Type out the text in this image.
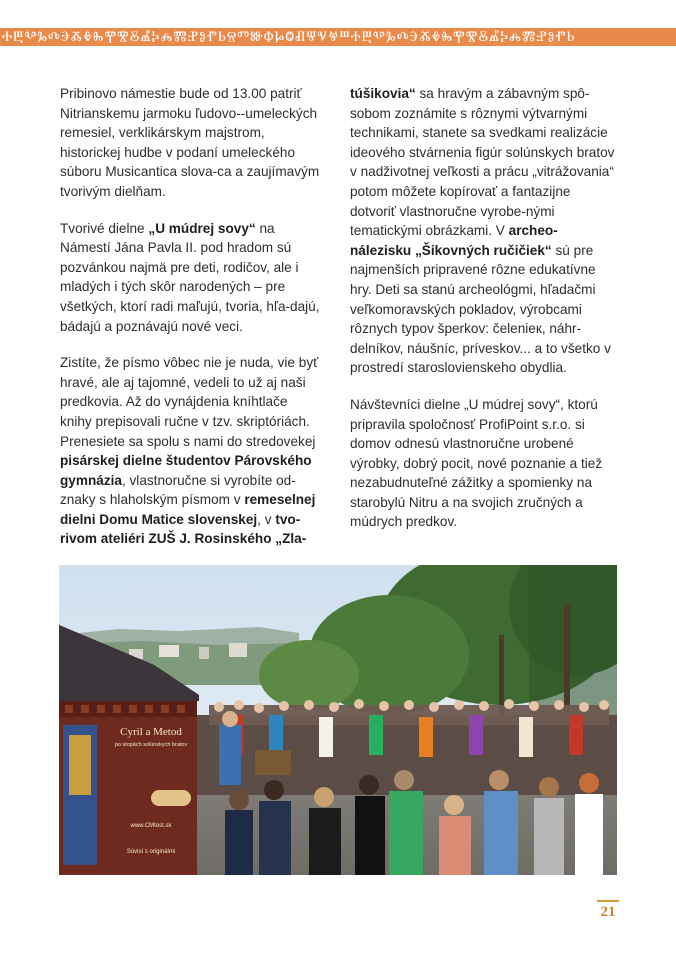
ⰀⰁⰂⰃⰄⰅⰆⰇⰈⰉⰊⰋⰌⰍⰎⰏⰐⰑⰒⰓⰔⰕⰖⰗⰘⰙⰚⰛⰜⰝⰞⰀⰁⰂⰃⰄⰅⰆⰇⰈⰉⰊⰋⰌⰍⰎⰏⰐⰑⰒⰓ

Pribinovo námestie bude od 13.00 patriť Nitrianskemu jarmoku ľudovo--umeleckých remesiel, verklikárskym majstrom, historickej hudbe v podaní umeleckého súboru Musicantica slova-ca a zaujímavým tvorivým dielňam.

Tvorivé dielne „U múdrej sovy“ na Námestí Jána Pavla II. pod hradom sú pozvánkou najmä pre deti, rodičov, ale i mladých i tých skôr narodených – pre všetkých, ktorí radi maľujú, tvoria, hľa-dajú, bádajú a poznávajú nové veci.

Zistíte, že písmo vôbec nie je nuda, vie byť hravé, ale aj tajomné, vedeli to už aj naši predkovia. Až do vynájdenia kníhtlače knihy prepisovali ručne v tzv. skriptóriách. Prenesiete sa spolu s nami do stredovekej pisárskej dielne študentov Párovského gymnázia, vlastnoručne si vyrobíte od-znaky s hlaholským písmom v remeselnej dielni Domu Matice slovenskej, v tvo-rivom ateliéri ZUŠ J. Rosinského „Zla-

túšikovia“ sa hravým a zábavným spô-sobom zoznámite s rôznymi výtvarnými technikami, stanete sa svedkami realizácie ideového stvárnenia figúr solúnskych bratov v nadživotnej veľkosti a prácu „vitrážovania“ potom môžete kopírovať a fantazijne dotvoriť vlastnoručne vyrobe-nými tematickými obrázkami. V archeo-nálezisku „Šikovných ručičiek“ sú pre najmenších pripravené rôzne edukatívne hry. Deti sa stanú archeológmi, hľadačmi veľkomoravských pokladov, výrobcami rôznych typov šperkov: čelenieк, náhr-delníkov, náušníc, príveskov... a to všetko v prostredí staroslovienskeho obydlia.

Návštevníci dielne „U múdrej sovy“, ktorú pripravila spoločnosť ProfiPoint s.r.o. si domov odnesú vlastnoručne urobené výrobky, dobrý pocit, nové poznanie a tiež nezabudnuteľné zážitky a spomienky na starobylú Nitru a na svojich zručných a múdrych predkov.

Cyril a Metod
po stopách solúnskych bratov
www.CMtest.sk
Súvisí s originálmi
21
